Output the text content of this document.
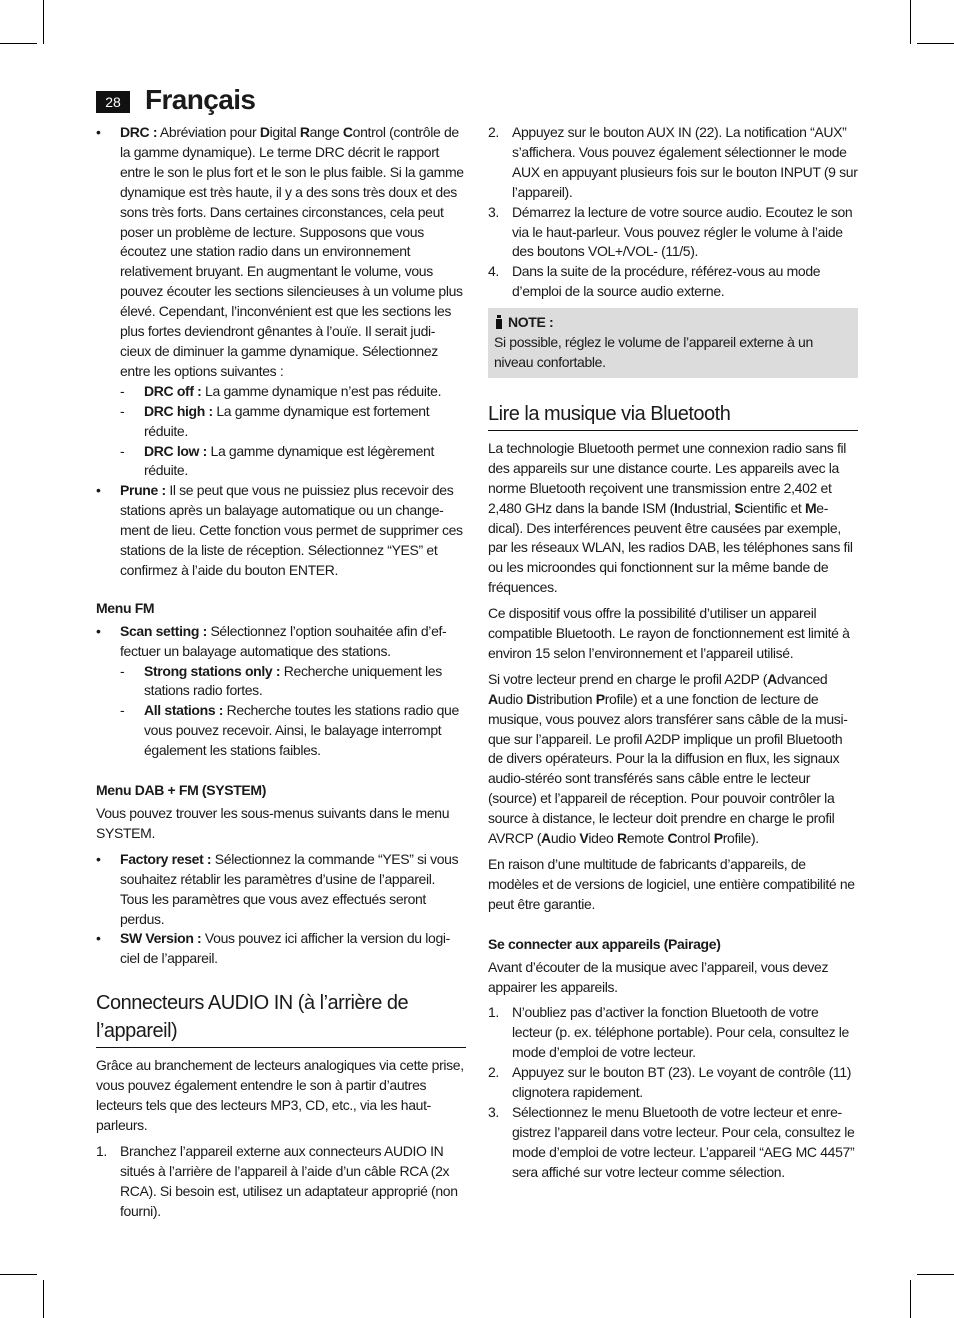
28 Français

• DRC : Abréviation pour Digital Range Control (contrôle de la gamme dynamique). Le terme DRC décrit le rapport entre le son le plus fort et le son le plus faible. Si la gamme dynamique est très haute, il y a des sons très doux et des sons très forts. Dans certaines circonstances, cela peut poser un problème de lecture. Supposons que vous écoutez une station radio dans un environnement relativement bruyant. En augmentant le volume, vous pouvez écouter les sections silencieuses à un volume plus élevé. Cependant, l’inconvénient est que les sections les plus fortes deviendront gênantes à l’ouïe. Il serait judi-cieux de diminuer la gamme dynamique. Sélectionnez entre les options suivantes :

- DRC off : La gamme dynamique n’est pas réduite.

- DRC high : La gamme dynamique est fortement réduite.

- DRC low : La gamme dynamique est légèrement réduite.

• Prune : Il se peut que vous ne puissiez plus recevoir des stations après un balayage automatique ou un change-ment de lieu. Cette fonction vous permet de supprimer ces stations de la liste de réception. Sélectionnez “YES” et confirmez à l’aide du bouton ENTER.

Menu FM

• Scan setting : Sélectionnez l’option souhaitée afin d’ef-fectuer un balayage automatique des stations.

- Strong stations only : Recherche uniquement les stations radio fortes.

- All stations : Recherche toutes les stations radio que vous pouvez recevoir. Ainsi, le balayage interrompt également les stations faibles.

Menu DAB + FM (SYSTEM)

Vous pouvez trouver les sous-menus suivants dans le menu SYSTEM.

• Factory reset : Sélectionnez la commande “YES” si vous souhaitez rétablir les paramètres d’usine de l’appareil. Tous les paramètres que vous avez effectués seront perdus.

• SW Version : Vous pouvez ici afficher la version du logi-ciel de l’appareil.

Connecteurs AUDIO IN (à l’arrière de l’appareil)

Grâce au branchement de lecteurs analogiques via cette prise, vous pouvez également entendre le son à partir d’autres lecteurs tels que des lecteurs MP3, CD, etc., via les haut-parleurs.

1. Branchez l’appareil externe aux connecteurs AUDIO IN situés à l’arrière de l’appareil à l’aide d’un câble RCA (2x RCA). Si besoin est, utilisez un adaptateur approprié (non fourni).

2. Appuyez sur le bouton AUX IN (22). La notification “AUX” s’affichera. Vous pouvez également sélectionner le mode AUX en appuyant plusieurs fois sur le bouton INPUT (9 sur l’appareil).

3. Démarrez la lecture de votre source audio. Ecoutez le son via le haut-parleur. Vous pouvez régler le volume à l’aide des boutons VOL+/VOL- (11/5).

4. Dans la suite de la procédure, référez-vous au mode d’emploi de la source audio externe.

NOTE :

Si possible, réglez le volume de l’appareil externe à un niveau confortable.

Lire la musique via Bluetooth

La technologie Bluetooth permet une connexion radio sans fil des appareils sur une distance courte. Les appareils avec la norme Bluetooth reçoivent une transmission entre 2,402 et 2,480 GHz dans la bande ISM (Industrial, Scientific et Me-dical). Des interférences peuvent être causées par exemple, par les réseaux WLAN, les radios DAB, les téléphones sans fil ou les microondes qui fonctionnent sur la même bande de fréquences.

Ce dispositif vous offre la possibilité d’utiliser un appareil compatible Bluetooth. Le rayon de fonctionnement est limité à environ 15 selon l’environnement et l’appareil utilisé.

Si votre lecteur prend en charge le profil A2DP (Advanced Audio Distribution Profile) et a une fonction de lecture de musique, vous pouvez alors transférer sans câble de la musi-que sur l’appareil. Le profil A2DP implique un profil Bluetooth de divers opérateurs. Pour la la diffusion en flux, les signaux audio-stéréo sont transférés sans câble entre le lecteur (source) et l’appareil de réception. Pour pouvoir contrôler la source à distance, le lecteur doit prendre en charge le profil AVRCP (Audio Video Remote Control Profile).

En raison d’une multitude de fabricants d’appareils, de modèles et de versions de logiciel, une entière compatibilité ne peut être garantie.

Se connecter aux appareils (Pairage)

Avant d’écouter de la musique avec l’appareil, vous devez appairer les appareils.

1. N’oubliez pas d’activer la fonction Bluetooth de votre lecteur (p. ex. téléphone portable). Pour cela, consultez le mode d’emploi de votre lecteur.

2. Appuyez sur le bouton BT (23). Le voyant de contrôle (11) clignotera rapidement.

3. Sélectionnez le menu Bluetooth de votre lecteur et enre-gistrez l’appareil dans votre lecteur. Pour cela, consultez le mode d’emploi de votre lecteur. L’appareil “AEG MC 4457” sera affiché sur votre lecteur comme sélection.
